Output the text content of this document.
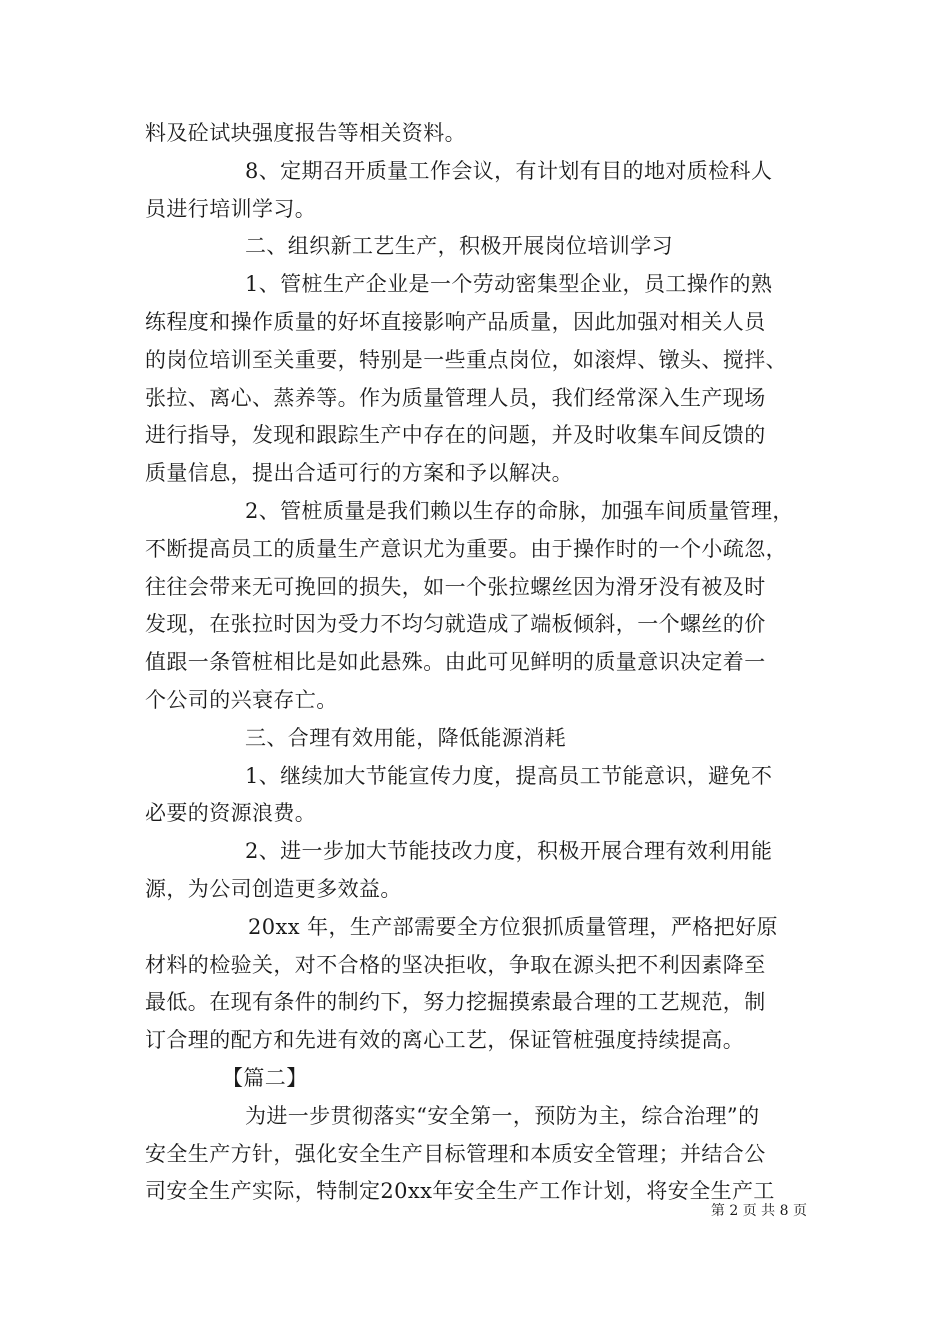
料及砼试块强度报告等相关资料。
8、定期召开质量工作会议，有计划有目的地对质检科人
员进行培训学习。
二、组织新工艺生产，积极开展岗位培训学习
1、管桩生产企业是一个劳动密集型企业，员工操作的熟
练程度和操作质量的好坏直接影响产品质量，因此加强对相关人员
的岗位培训至关重要，特别是一些重点岗位，如滚焊、镦头、搅拌、
张拉、离心、蒸养等。作为质量管理人员，我们经常深入生产现场
进行指导，发现和跟踪生产中存在的问题，并及时收集车间反馈的
质量信息，提出合适可行的方案和予以解决。
2、管桩质量是我们赖以生存的命脉，加强车间质量管理，
不断提高员工的质量生产意识尤为重要。由于操作时的一个小疏忽，
往往会带来无可挽回的损失，如一个张拉螺丝因为滑牙没有被及时
发现，在张拉时因为受力不均匀就造成了端板倾斜，一个螺丝的价
值跟一条管桩相比是如此悬殊。由此可见鲜明的质量意识决定着一
个公司的兴衰存亡。
三、合理有效用能，降低能源消耗
1、继续加大节能宣传力度，提高员工节能意识，避免不
必要的资源浪费。
2、进一步加大节能技改力度，积极开展合理有效利用能
源，为公司创造更多效益。
20xx 年，生产部需要全方位狠抓质量管理，严格把好原
材料的检验关，对不合格的坚决拒收，争取在源头把不利因素降至
最低。在现有条件的制约下，努力挖掘摸索最合理的工艺规范，制
订合理的配方和先进有效的离心工艺，保证管桩强度持续提高。
【篇二】
为进一步贯彻落实“安全第一，预防为主，综合治理”的
安全生产方针，强化安全生产目标管理和本质安全管理；并结合公
司安全生产实际，特制定20xx年安全生产工作计划，将安全生产工
第 2 页 共 8 页
